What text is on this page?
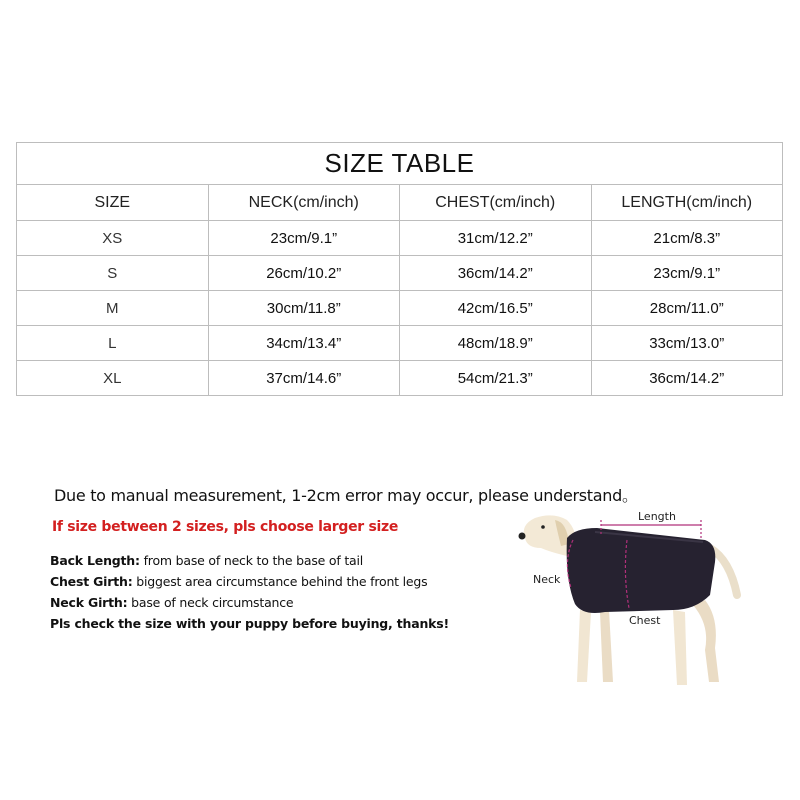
SIZE TABLE			
SIZE	NECK(cm/inch)	CHEST(cm/inch)	LENGTH(cm/inch)
XS	23cm/9.1”	31cm/12.2”	21cm/8.3”
S	26cm/10.2”	36cm/14.2”	23cm/9.1”
M	30cm/11.8”	42cm/16.5”	28cm/11.0”
L	34cm/13.4”	48cm/18.9”	33cm/13.0”
XL	37cm/14.6”	54cm/21.3”	36cm/14.2”
Due to manual measurement, 1-2cm error may occur, please understand。
If size between 2 sizes, pls choose larger size
Back Length: from base of neck to the base of tail
Chest Girth: biggest area circumstance behind the front legs
Neck Girth: base of neck circumstance
Pls check the size with your puppy before buying, thanks!
Length
Neck
Chest
